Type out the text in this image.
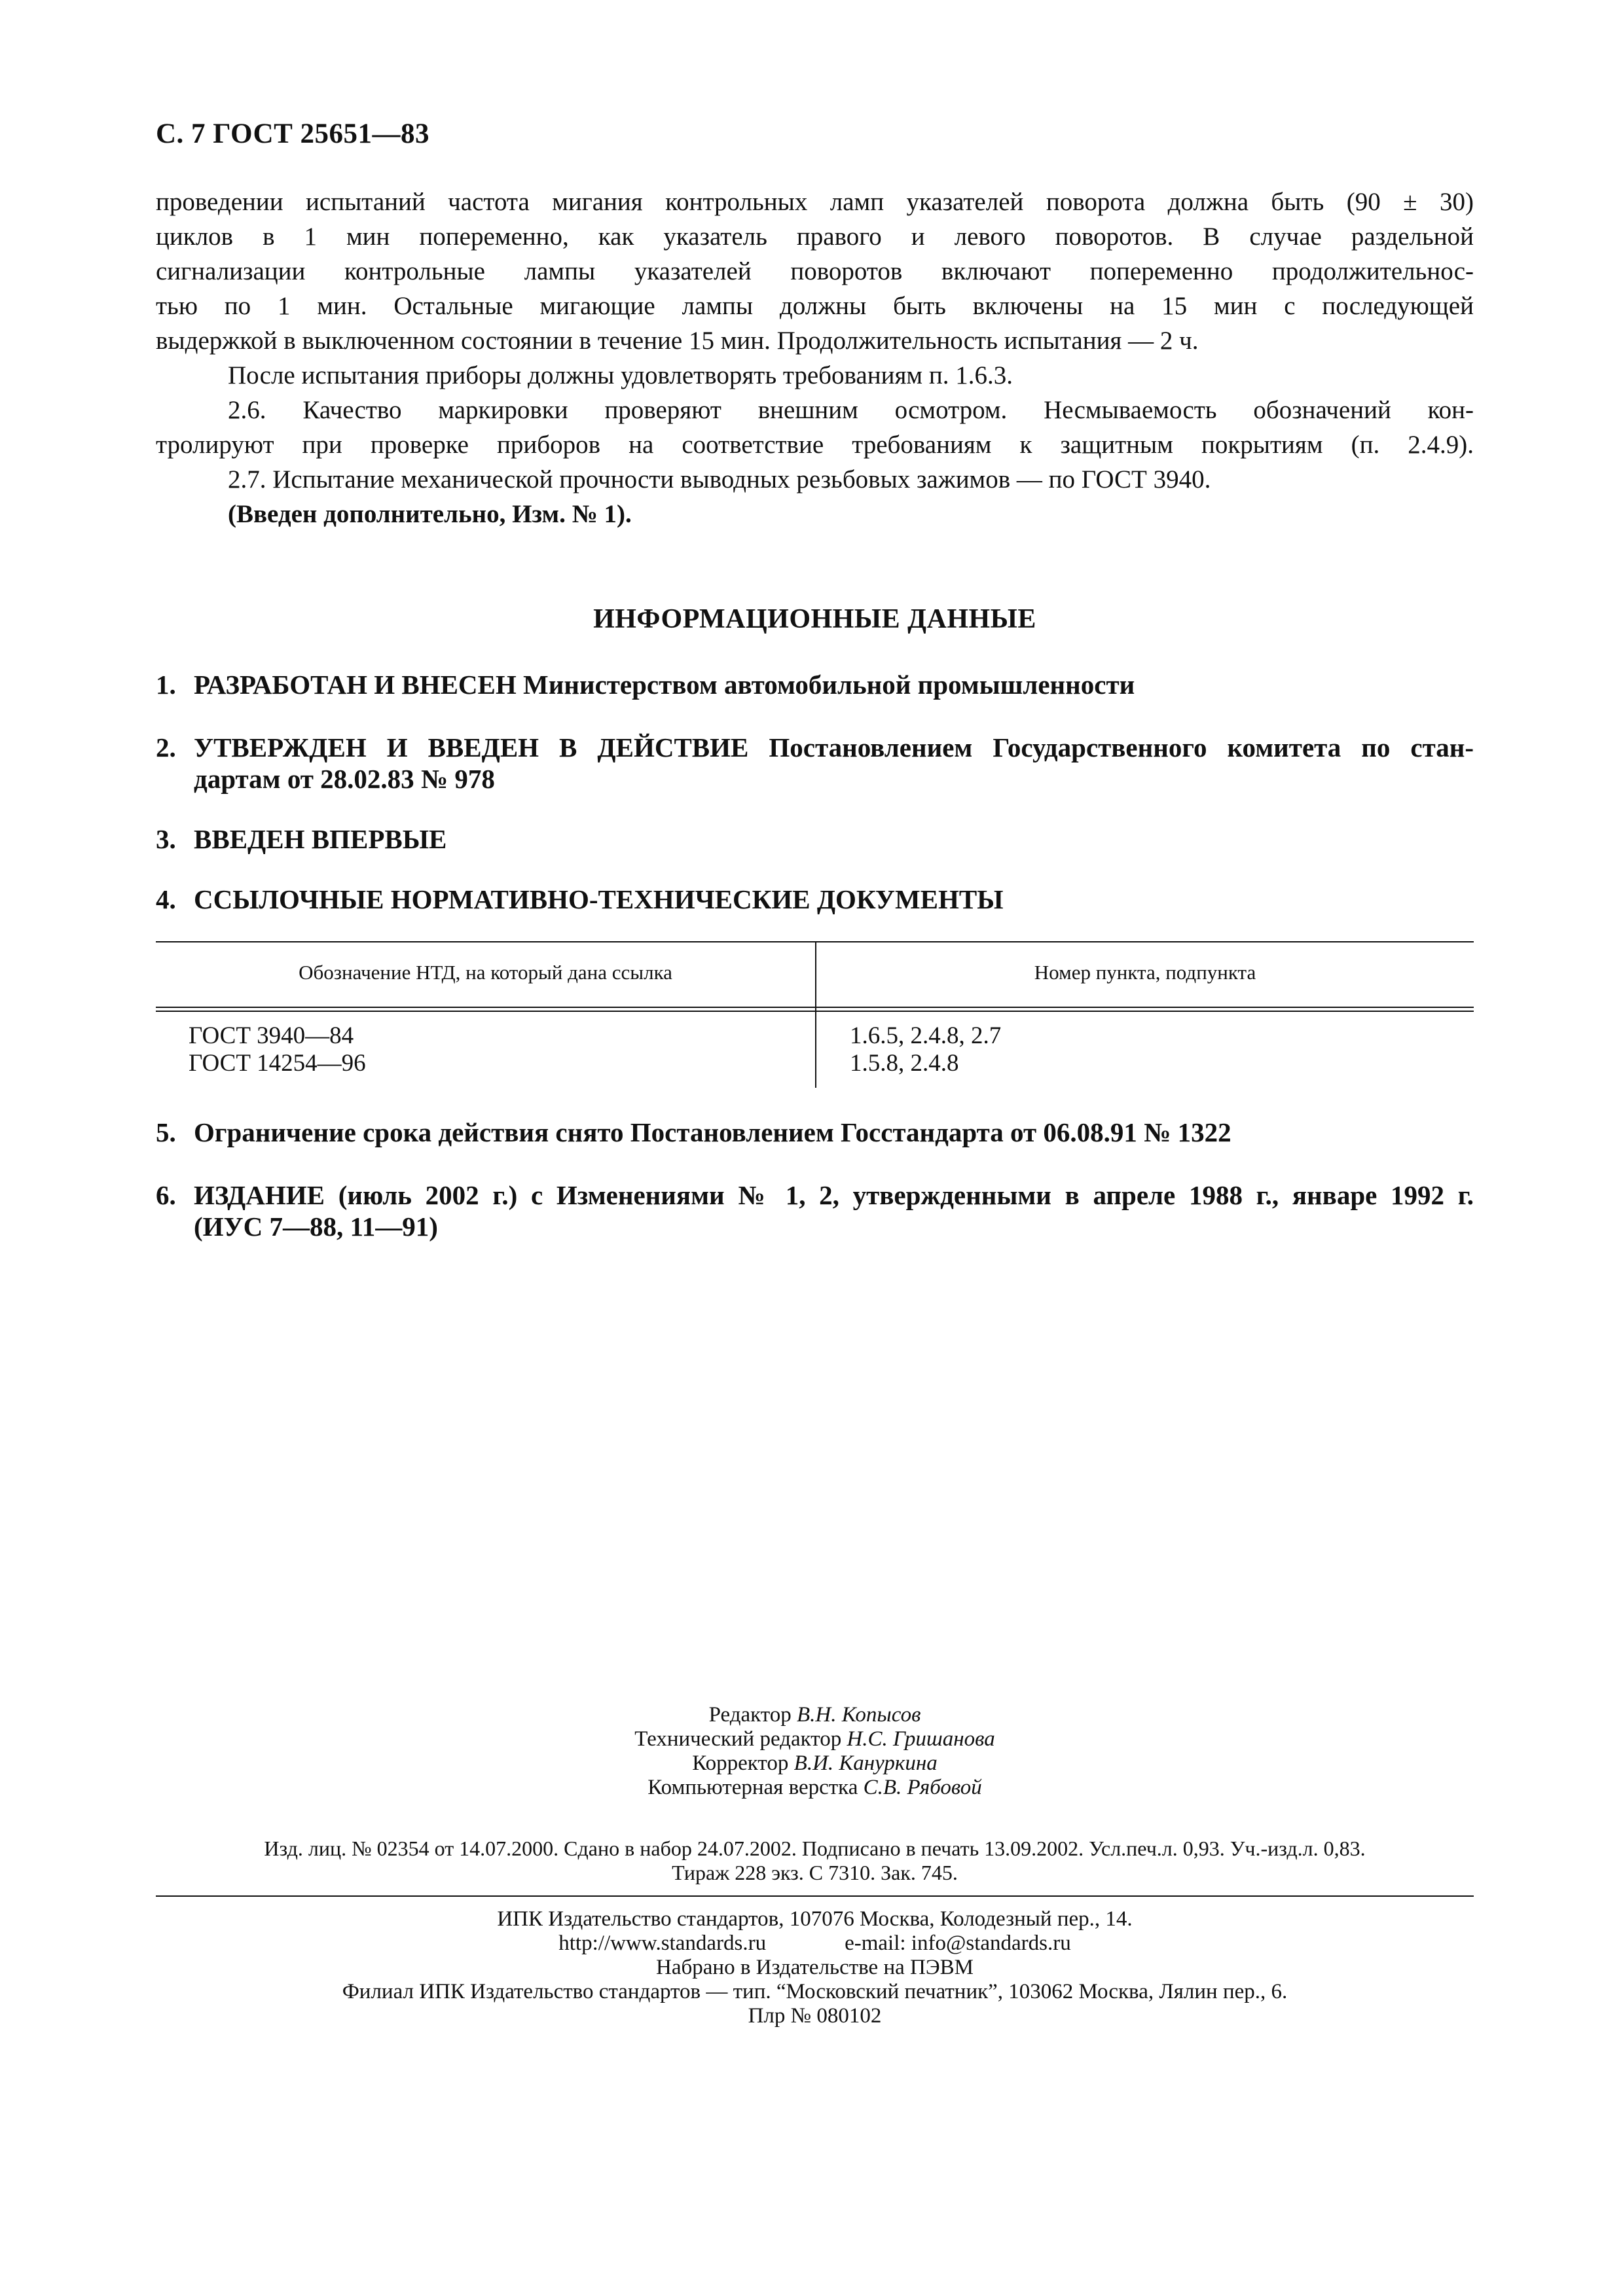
С. 7 ГОСТ 25651—83
проведении испытаний частота мигания контрольных ламп указателей поворота должна быть (90 ± 30)
циклов в 1 мин попеременно, как указатель правого и левого поворотов. В случае раздельной
сигнализации контрольные лампы указателей поворотов включают попеременно продолжительнос-
тью по 1 мин. Остальные мигающие лампы должны быть включены на 15 мин с последующей
выдержкой в выключенном состоянии в течение 15 мин. Продолжительность испытания — 2 ч.
После испытания приборы должны удовлетворять требованиям п. 1.6.3.
2.6. Качество маркировки проверяют внешним осмотром. Несмываемость обозначений кон-
тролируют при проверке приборов на соответствие требованиям к защитным покрытиям (п. 2.4.9).
2.7. Испытание механической прочности выводных резьбовых зажимов — по ГОСТ 3940.
(Введен дополнительно, Изм. № 1).
ИНФОРМАЦИОННЫЕ ДАННЫЕ
1. РАЗРАБОТАН И ВНЕСЕН Министерством автомобильной промышленности
2. УТВЕРЖДЕН И ВВЕДЕН В ДЕЙСТВИЕ Постановлением Государственного комитета по стан-
дартам от 28.02.83 № 978
3. ВВЕДЕН ВПЕРВЫЕ
4. ССЫЛОЧНЫЕ НОРМАТИВНО-ТЕХНИЧЕСКИЕ ДОКУМЕНТЫ
Обозначение НТД, на который дана ссылка	Номер пункта, подпункта
ГОСТ 3940—84	1.6.5, 2.4.8, 2.7
ГОСТ 14254—96	1.5.8, 2.4.8
5. Ограничение срока действия снято Постановлением Госстандарта от 06.08.91 № 1322
6. ИЗДАНИЕ (июль 2002 г.) с Изменениями № 1, 2, утвержденными в апреле 1988 г., январе 1992 г.
(ИУС 7—88, 11—91)
Редактор В.Н. Копысов
Технический редактор Н.С. Гришанова
Корректор В.И. Кануркина
Компьютерная верстка С.В. Рябовой
Изд. лиц. № 02354 от 14.07.2000. Сдано в набор 24.07.2002. Подписано в печать 13.09.2002. Усл.печ.л. 0,93. Уч.-изд.л. 0,83.
Тираж 228 экз. С 7310. Зак. 745.
ИПК Издательство стандартов, 107076 Москва, Колодезный пер., 14.
http://www.standards.ru	e-mail: info@standards.ru
Набрано в Издательстве на ПЭВМ
Филиал ИПК Издательство стандартов — тип. “Московский печатник”, 103062 Москва, Лялин пер., 6.
Плр № 080102
